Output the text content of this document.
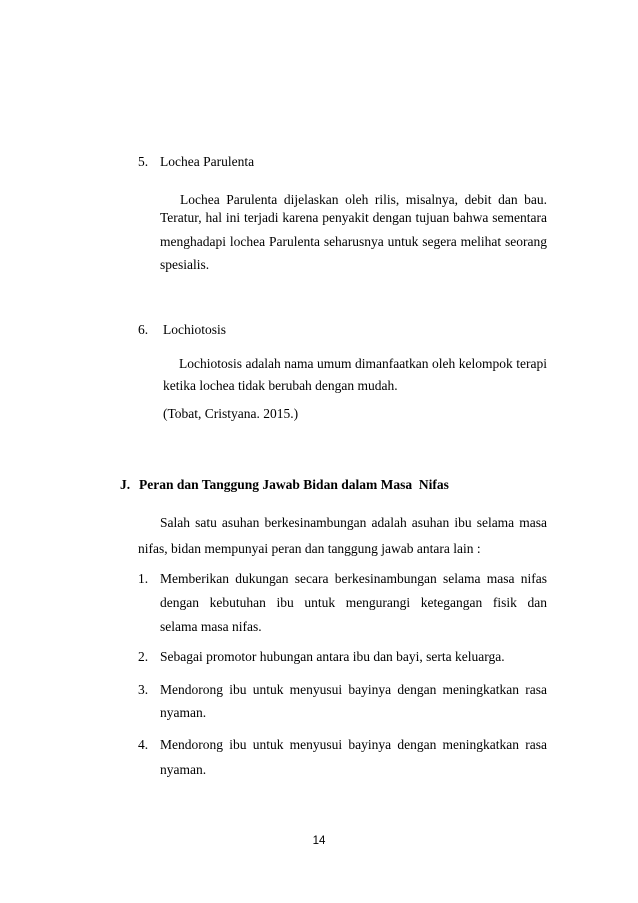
5. Lochea Parulenta
Lochea Parulenta dijelaskan oleh rilis, misalnya, debit dan bau.
Teratur, hal ini terjadi karena penyakit dengan tujuan bahwa sementara
menghadapi lochea Parulenta seharusnya untuk segera melihat seorang
spesialis.
6. Lochiotosis
Lochiotosis adalah nama umum dimanfaatkan oleh kelompok terapi
ketika lochea tidak berubah dengan mudah.
(Tobat, Cristyana. 2015.)
J. Peran dan Tanggung Jawab Bidan dalam Masa  Nifas
Salah satu asuhan berkesinambungan adalah asuhan ibu selama masa
nifas, bidan mempunyai peran dan tanggung jawab antara lain :
1. Memberikan dukungan secara berkesinambungan selama masa nifas
dengan kebutuhan ibu untuk mengurangi ketegangan fisik dan
selama masa nifas.
2. Sebagai promotor hubungan antara ibu dan bayi, serta keluarga.
3. Mendorong ibu untuk menyusui bayinya dengan meningkatkan rasa
nyaman.
4. Mendorong ibu untuk menyusui bayinya dengan meningkatkan rasa
nyaman.
14
